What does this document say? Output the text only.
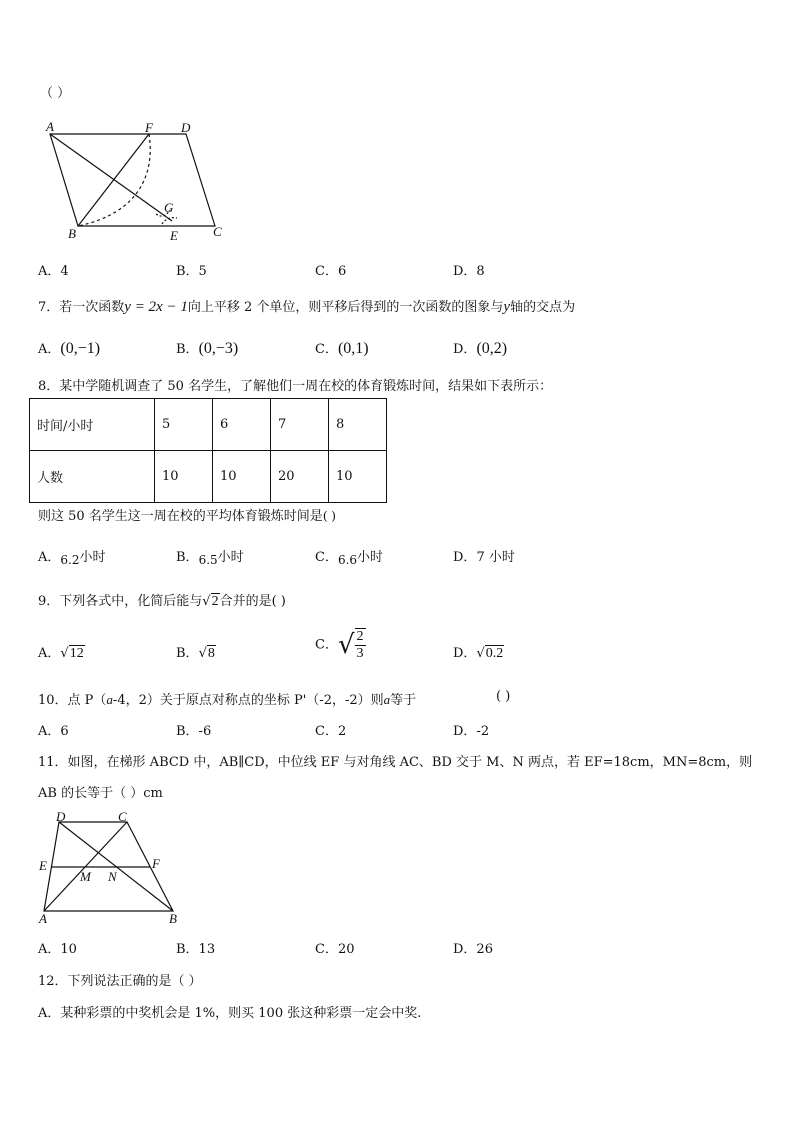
（ ）
A	F D
B	E	C
G
A．4	B．5	C．6	D．8
7．若一次函数y = 2x − 1向上平移 2 个单位，则平移后得到的一次函数的图象与y轴的交点为
A．(0,−1)	B．(0,−3)	C．(0,1)	D．(0,2)
8．某中学随机调查了 50 名学生，了解他们一周在校的体育锻炼时间，结果如下表所示：
时间/小时	5	6	7	8
人数	10	10	20	10
则这 50 名学生这一周在校的平均体育锻炼时间是( )
A．6.2小时	B．6.5小时	C．6.6小时	D．7 小时
9．下列各式中，化简后能与√2合并的是( )
A．√12	B．√8
C．√ $\frac{2}{3}$	D．√0.2
10．点 P（a-4，2）关于原点对称点的坐标 P'（-2，-2）则a等于	( )
A．6	B．-6	C．2	D．-2
11．如图，在梯形 ABCD 中，AB∥CD，中位线 EF 与对角线 AC、BD 交于 M、N 两点，若 EF=18cm，MN=8cm，则
AB 的长等于（ ）cm
D	C
E	F
M N
A	B
A．10	B．13	C．20	D．26
12．下列说法正确的是（ ）
A．某种彩票的中奖机会是 1%，则买 100 张这种彩票一定会中奖.
